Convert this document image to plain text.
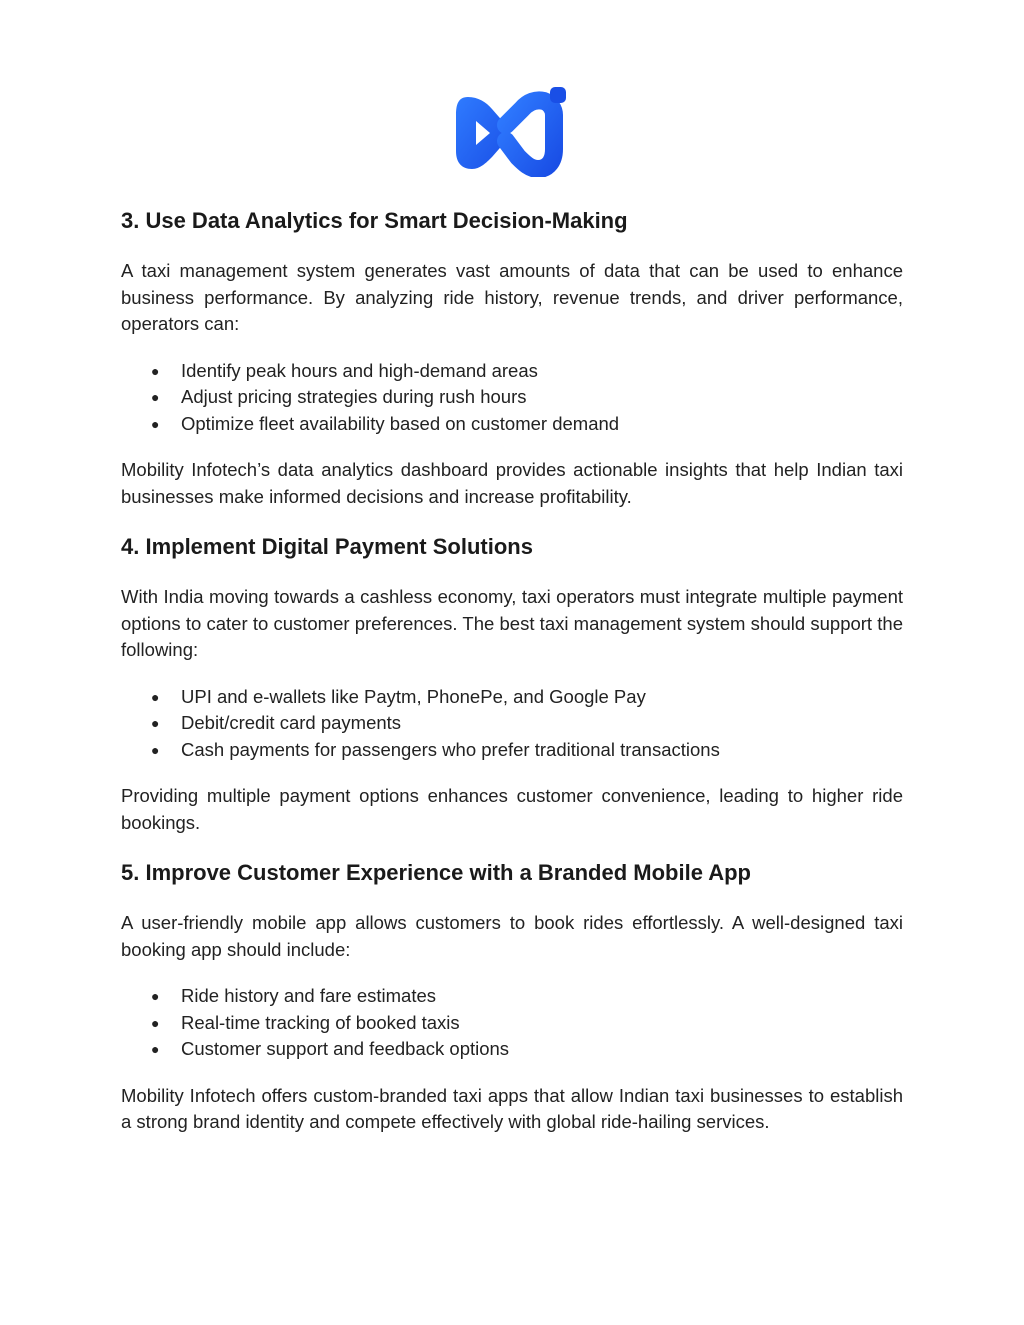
3. Use Data Analytics for Smart Decision-Making

A taxi management system generates vast amounts of data that can be used to enhance business performance. By analyzing ride history, revenue trends, and driver performance, operators can:

● Identify peak hours and high-demand areas
● Adjust pricing strategies during rush hours
● Optimize fleet availability based on customer demand

Mobility Infotech’s data analytics dashboard provides actionable insights that help Indian taxi businesses make informed decisions and increase profitability.

4. Implement Digital Payment Solutions

With India moving towards a cashless economy, taxi operators must integrate multiple payment options to cater to customer preferences. The best taxi management system should support the following:

● UPI and e-wallets like Paytm, PhonePe, and Google Pay
● Debit/credit card payments
● Cash payments for passengers who prefer traditional transactions

Providing multiple payment options enhances customer convenience, leading to higher ride bookings.

5. Improve Customer Experience with a Branded Mobile App

A user-friendly mobile app allows customers to book rides effortlessly. A well-designed taxi booking app should include:

● Ride history and fare estimates
● Real-time tracking of booked taxis
● Customer support and feedback options

Mobility Infotech offers custom-branded taxi apps that allow Indian taxi businesses to establish a strong brand identity and compete effectively with global ride-hailing services.
